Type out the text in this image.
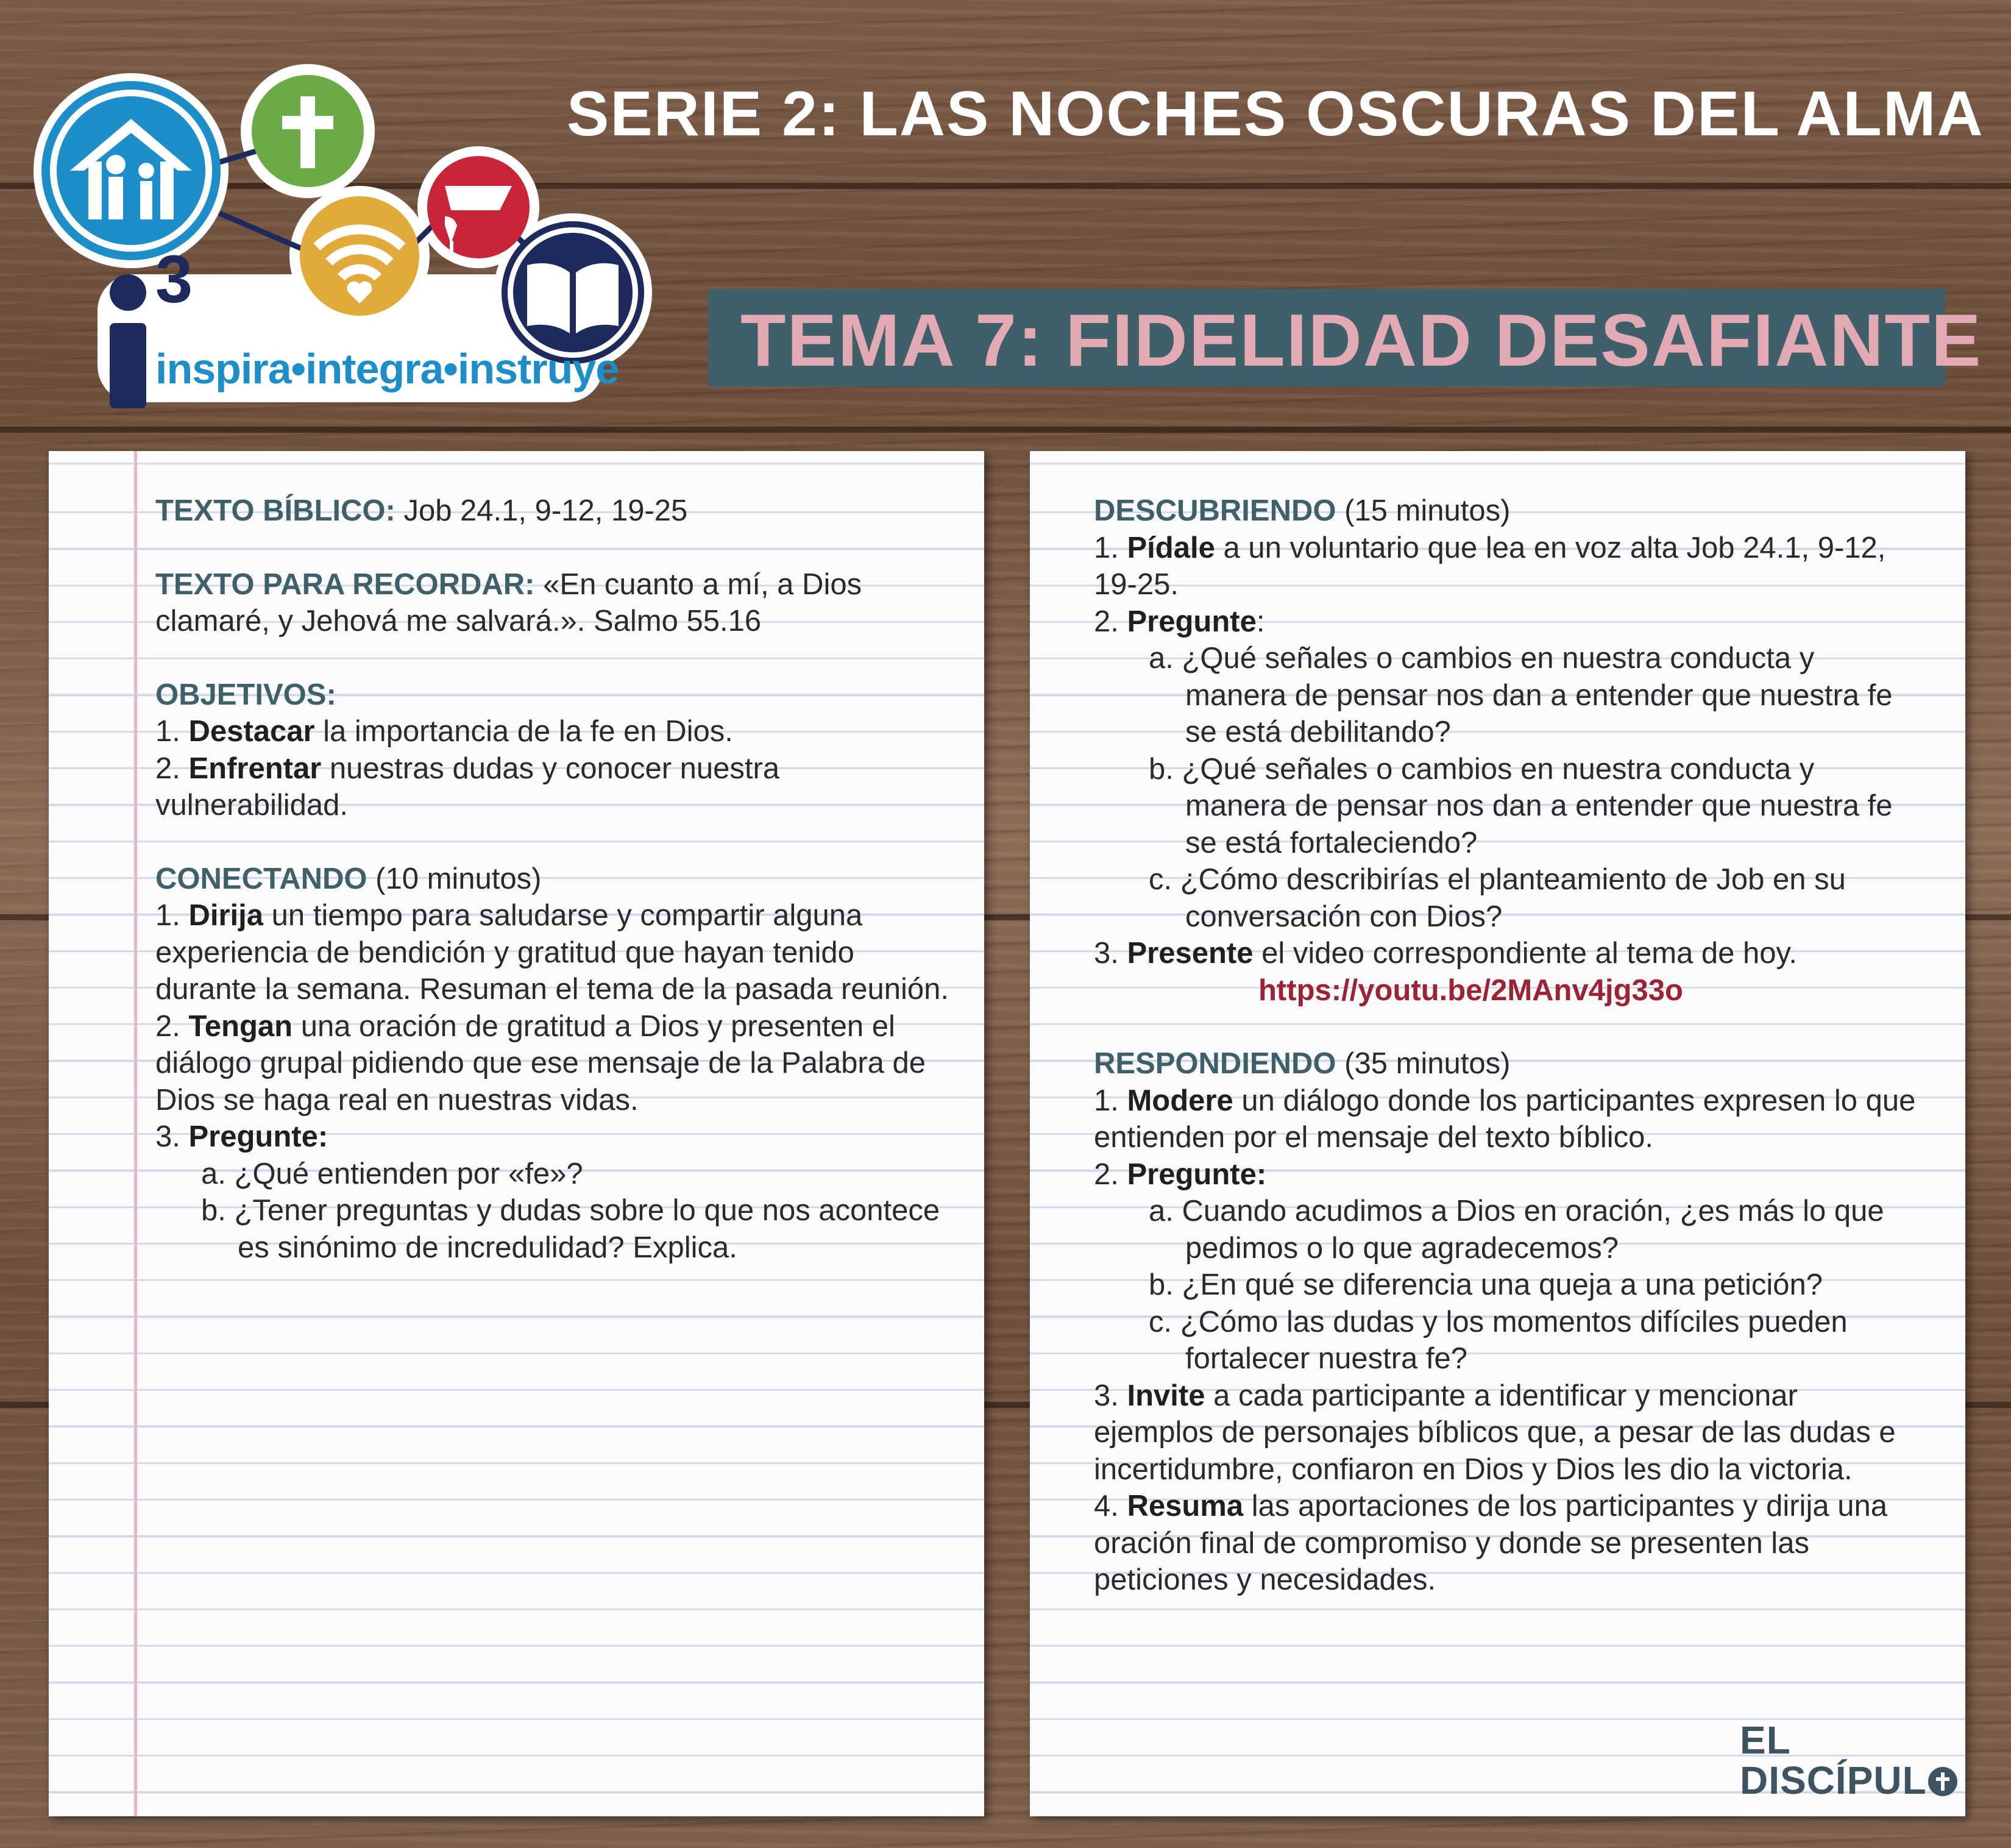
3
inspira•integra•instruye
SERIE 2: LAS NOCHES OSCURAS DEL ALMA
TEMA 7: FIDELIDAD DESAFIANTE

TEXTO BÍBLICO: Job 24.1, 9-12, 19-25

TEXTO PARA RECORDAR: «En cuanto a mí, a Dios clamaré, y Jehová me salvará.». Salmo 55.16

OBJETIVOS:

1. Destacar la importancia de la fe en Dios.

2. Enfrentar nuestras dudas y conocer nuestra vulnerabilidad.

CONECTANDO (10 minutos)

1. Dirija un tiempo para saludarse y compartir alguna experiencia de bendición y gratitud que hayan tenido durante la semana. Resuman el tema de la pasada reunión.

2. Tengan una oración de gratitud a Dios y presenten el diálogo grupal pidiendo que ese mensaje de la Palabra de Dios se haga real en nuestras vidas.

3. Pregunte:

a. ¿Qué entienden por «fe»?

b. ¿Tener preguntas y dudas sobre lo que nos acontece es sinónimo de incredulidad? Explica.

DESCUBRIENDO (15 minutos)

1. Pídale a un voluntario que lea en voz alta Job 24.1, 9-12, 19-25.

2. Pregunte:

a. ¿Qué señales o cambios en nuestra conducta y manera de pensar nos dan a entender que nuestra fe se está debilitando?

b. ¿Qué señales o cambios en nuestra conducta y manera de pensar nos dan a entender que nuestra fe se está fortaleciendo?

c. ¿Cómo describirías el planteamiento de Job en su conversación con Dios?

3. Presente el video correspondiente al tema de hoy.

https://youtu.be/2MAnv4jg33o

RESPONDIENDO (35 minutos)

1. Modere un diálogo donde los participantes expresen lo que entienden por el mensaje del texto bíblico.

2. Pregunte:

a. Cuando acudimos a Dios en oración, ¿es más lo que pedimos o lo que agradecemos?

b. ¿En qué se diferencia una queja a una petición?

c. ¿Cómo las dudas y los momentos difíciles pueden fortalecer nuestra fe?

3. Invite a cada participante a identificar y mencionar ejemplos de personajes bíblicos que, a pesar de las dudas e incertidumbre, confiaron en Dios y Dios les dio la victoria.

4. Resuma las aportaciones de los participantes y dirija una oración final de compromiso y donde se presenten las peticiones y necesidades.

EL
DISCÍPUL
